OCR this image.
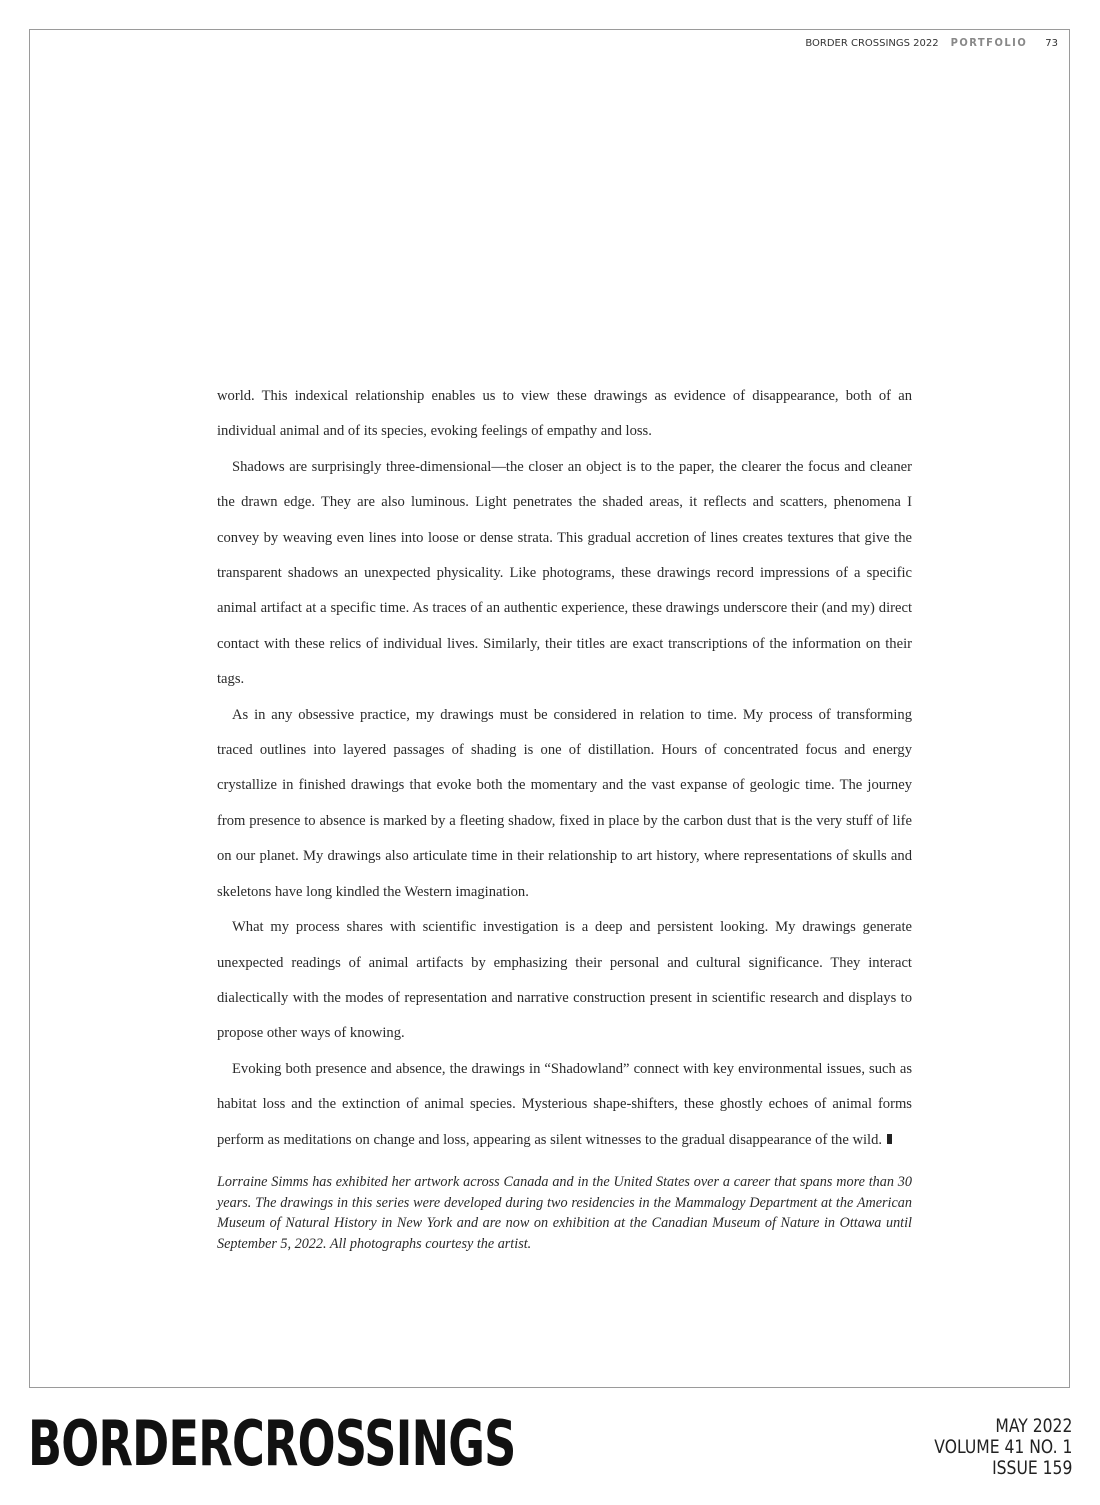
BORDER CROSSINGS 2022 PORTFOLIO 73

world. This indexical relationship enables us to view these drawings as evidence of disappearance, both of an individual animal and of its species, evoking feelings of empathy and loss.

Shadows are surprisingly three-dimensional—the closer an object is to the paper, the clearer the focus and cleaner the drawn edge. They are also luminous. Light penetrates the shaded areas, it reflects and scatters, phenomena I convey by weaving even lines into loose or dense strata. This gradual accretion of lines creates textures that give the transparent shadows an unexpected physicality. Like photograms, these drawings record impressions of a specific animal artifact at a specific time. As traces of an authentic experience, these drawings underscore their (and my) direct contact with these relics of individual lives. Similarly, their titles are exact transcriptions of the information on their tags.

As in any obsessive practice, my drawings must be considered in relation to time. My process of transforming traced outlines into layered passages of shading is one of distillation. Hours of concentrated focus and energy crystallize in finished drawings that evoke both the momentary and the vast expanse of geologic time. The journey from presence to absence is marked by a fleeting shadow, fixed in place by the carbon dust that is the very stuff of life on our planet. My drawings also articulate time in their relationship to art history, where representations of skulls and skeletons have long kindled the Western imagination.

What my process shares with scientific investigation is a deep and persistent looking. My drawings generate unexpected readings of animal artifacts by emphasizing their personal and cultural significance. They interact dialectically with the modes of representation and narrative construction present in scientific research and displays to propose other ways of knowing.

Evoking both presence and absence, the drawings in “Shadowland” connect with key environmental issues, such as habitat loss and the extinction of animal species. Mysterious shape-shifters, these ghostly echoes of animal forms perform as meditations on change and loss, appearing as silent witnesses to the gradual disappearance of the wild.

Lorraine Simms has exhibited her artwork across Canada and in the United States over a career that spans more than 30 years. The drawings in this series were developed during two residencies in the Mammalogy Department at the American Museum of Natural History in New York and are now on exhibition at the Canadian Museum of Nature in Ottawa until September 5, 2022. All photographs courtesy the artist.

BORDERCROSSINGS	MAY 2022
VOLUME 41 NO. 1
ISSUE 159
